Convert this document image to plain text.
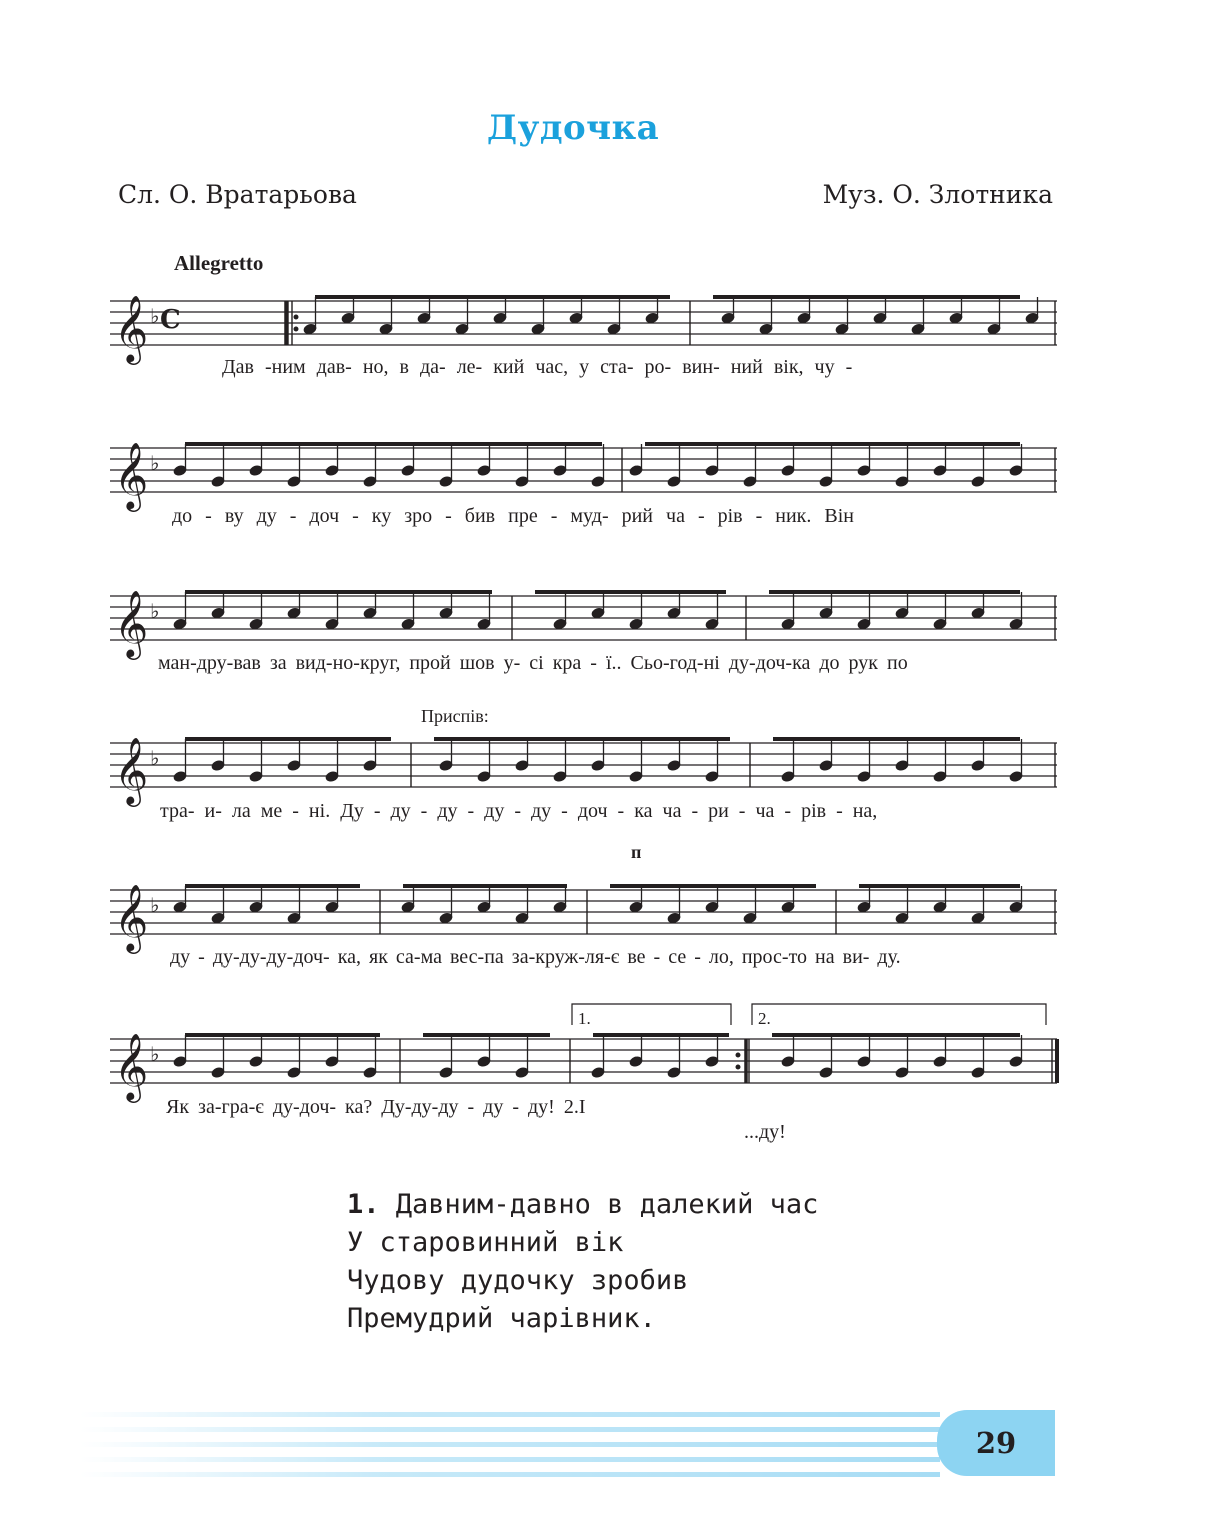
Дудочка
Сл. О. Вратарьова	Муз. О. Злотника
Allegretto
Приспів:
п
1.	2.
𝄞 ♭ C
𝄞 ♭
𝄞 ♭
𝄞 ♭
𝄞 ♭
𝄞 ♭
Дав -ним дав- но, в да- ле- кий час, у ста- ро- вин- ний вік, чу -
до - ву ду - доч - ку зро - бив пре - муд- рий ча - рів - ник. Він
ман-дру-вав за вид-но-круг, прой шов у- сі кра - ї.. Сьо-год-ні ду-доч-ка до рук по
тра- и- ла ме - ні. Ду - ду - ду - ду - ду - доч - ка ча - ри - ча - рів - на,
ду - ду-ду-ду-доч- ка, як са-ма вес-па за-круж-ля-є ве - се - ло, прос-то на ви- ду.
Як за-гра-є ду-доч- ка? Ду-ду-ду - ду - ду! 2.І
...ду!
1. Давним-давно в далекий час
У старовинний вік
Чудову дудочку зробив
Премудрий чарівник.
29
